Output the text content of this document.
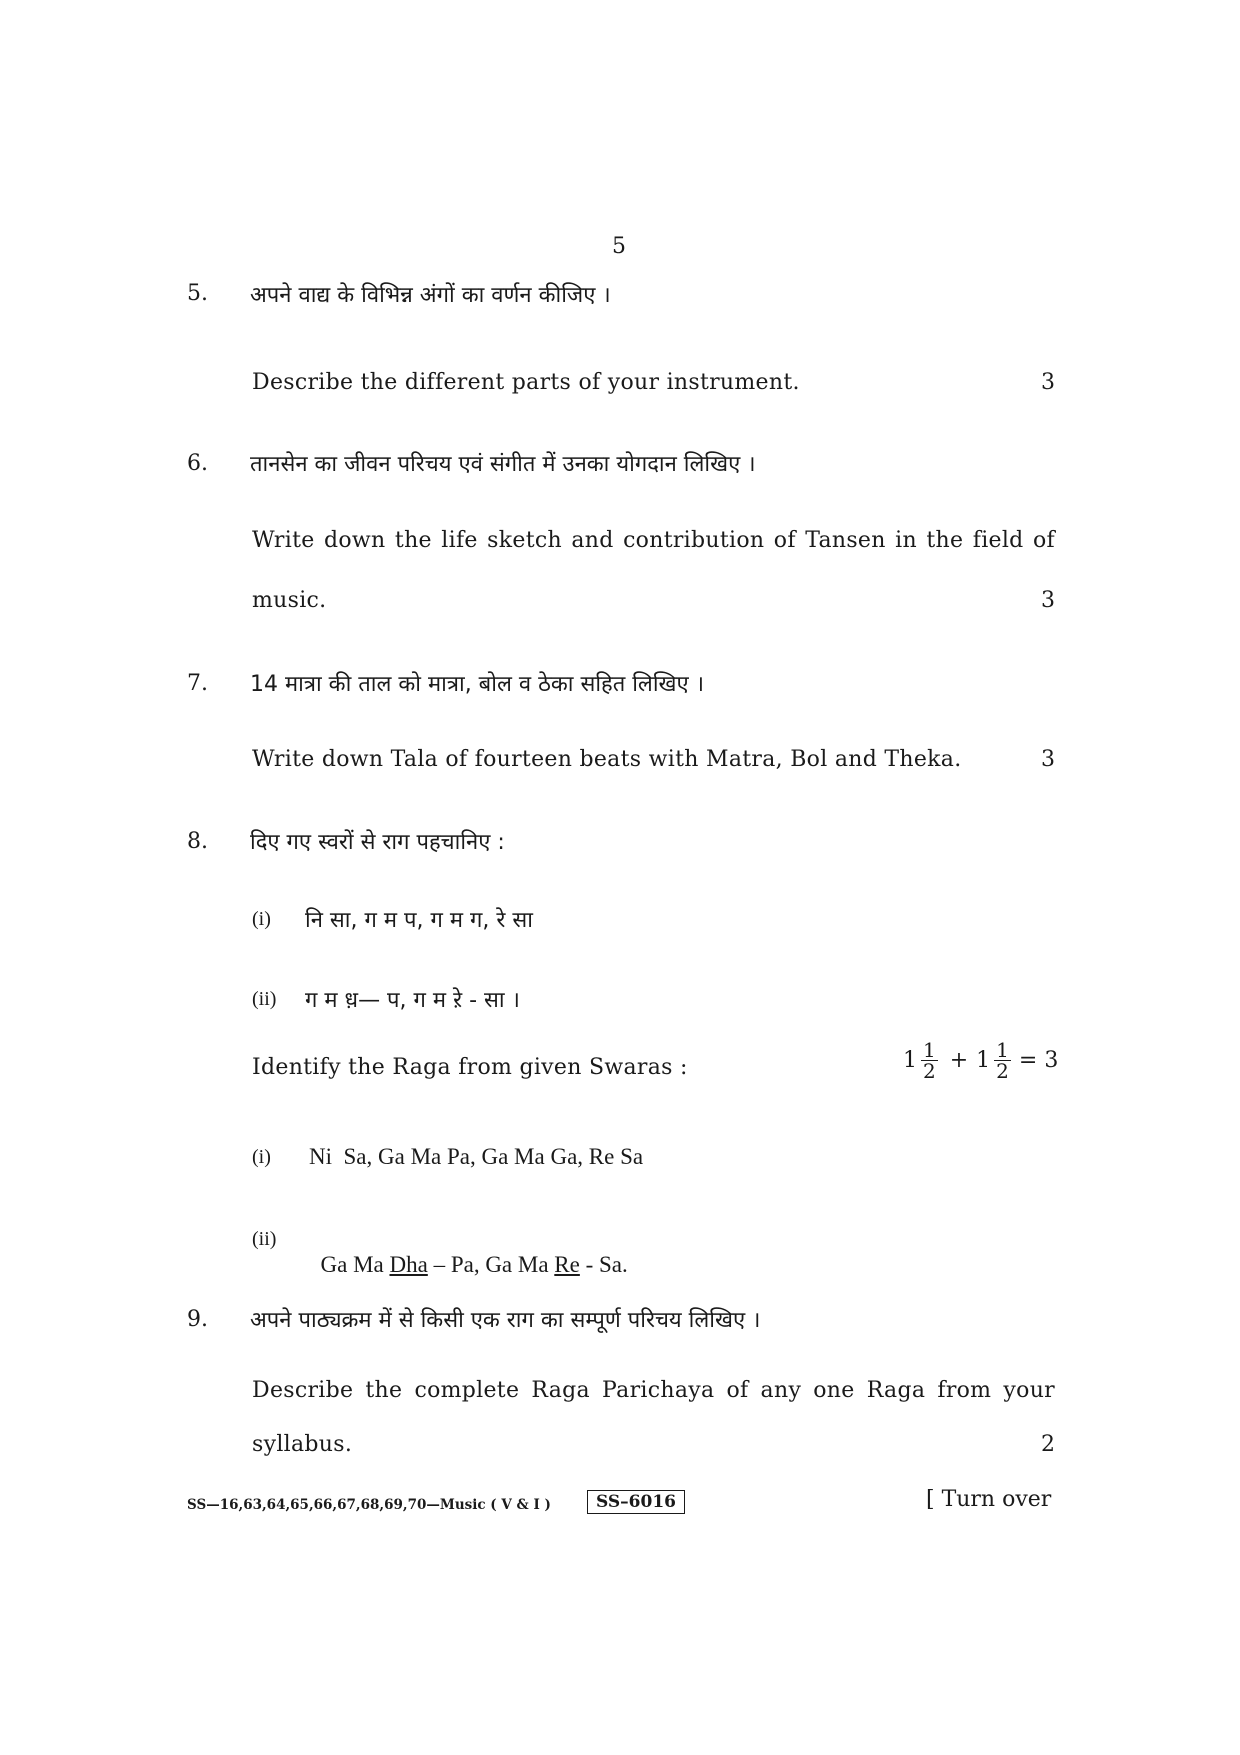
5
5. अपने वाद्य के विभिन्न अंगों का वर्णन कीजिए ।
Describe the different parts of your instrument.	3
6. तानसेन का जीवन परिचय एवं संगीत में उनका योगदान लिखिए ।
Write down the life sketch and contribution of Tansen in the field of
music.	3
7. 14 मात्रा की ताल को मात्रा, बोल व ठेका सहित लिखिए ।
Write down Tala of fourteen beats with Matra, Bol and Theka.	3
8. दिए गए स्वरों से राग पहचानिए :
(i) नि सा, ग म प, ग म ग, रे सा
(ii) ग म ध़— प, ग म रे़ - सा ।
Identify the Raga from given Swaras :	$1 \frac{1}{2} + 1 \frac{1}{2} = 3$
(i) Ni  Sa, Ga Ma Pa, Ga Ma Ga, Re Sa
(ii)

Ga Ma Dha – Pa, Ga Ma Re - Sa.

9. अपने पाठ्यक्रम में से किसी एक राग का सम्पूर्ण परिचय लिखिए ।
Describe the complete Raga Parichaya of any one Raga from your
syllabus.	2
SS—16,63,64,65,66,67,68,69,70—Music ( V & I )	SS–6016	[ Turn over
